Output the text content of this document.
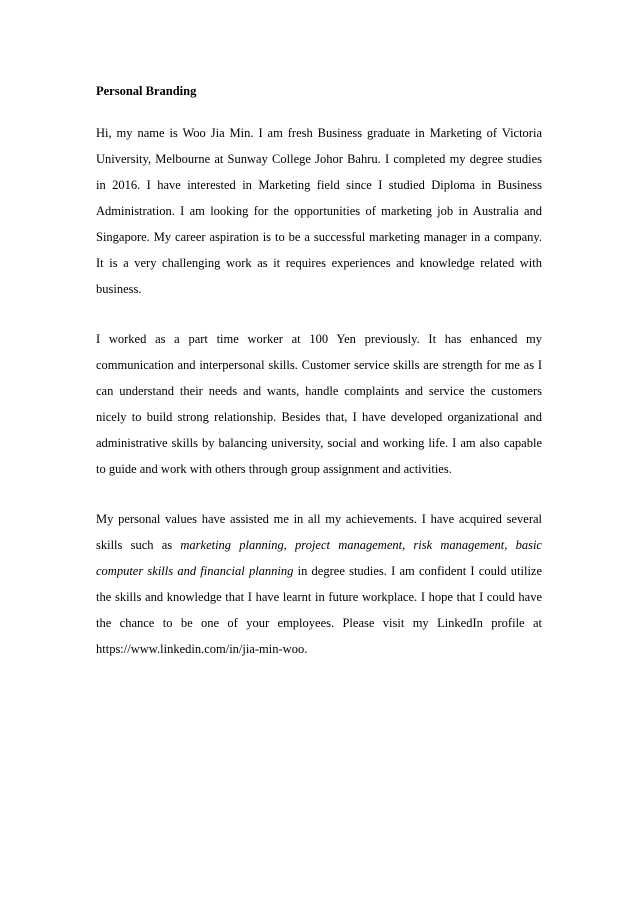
Personal Branding

Hi, my name is Woo Jia Min. I am fresh Business graduate in Marketing of Victoria University, Melbourne at Sunway College Johor Bahru. I completed my degree studies in 2016. I have interested in Marketing field since I studied Diploma in Business Administration. I am looking for the opportunities of marketing job in Australia and Singapore. My career aspiration is to be a successful marketing manager in a company. It is a very challenging work as it requires experiences and knowledge related with business.

I worked as a part time worker at 100 Yen previously. It has enhanced my communication and interpersonal skills. Customer service skills are strength for me as I can understand their needs and wants, handle complaints and service the customers nicely to build strong relationship. Besides that, I have developed organizational and administrative skills by balancing university, social and working life. I am also capable to guide and work with others through group assignment and activities.

My personal values have assisted me in all my achievements. I have acquired several skills such as marketing planning, project management, risk management, basic computer skills and financial planning in degree studies. I am confident I could utilize the skills and knowledge that I have learnt in future workplace. I hope that I could have the chance to be one of your employees. Please visit my LinkedIn profile at https://www.linkedin.com/in/jia-min-woo.
